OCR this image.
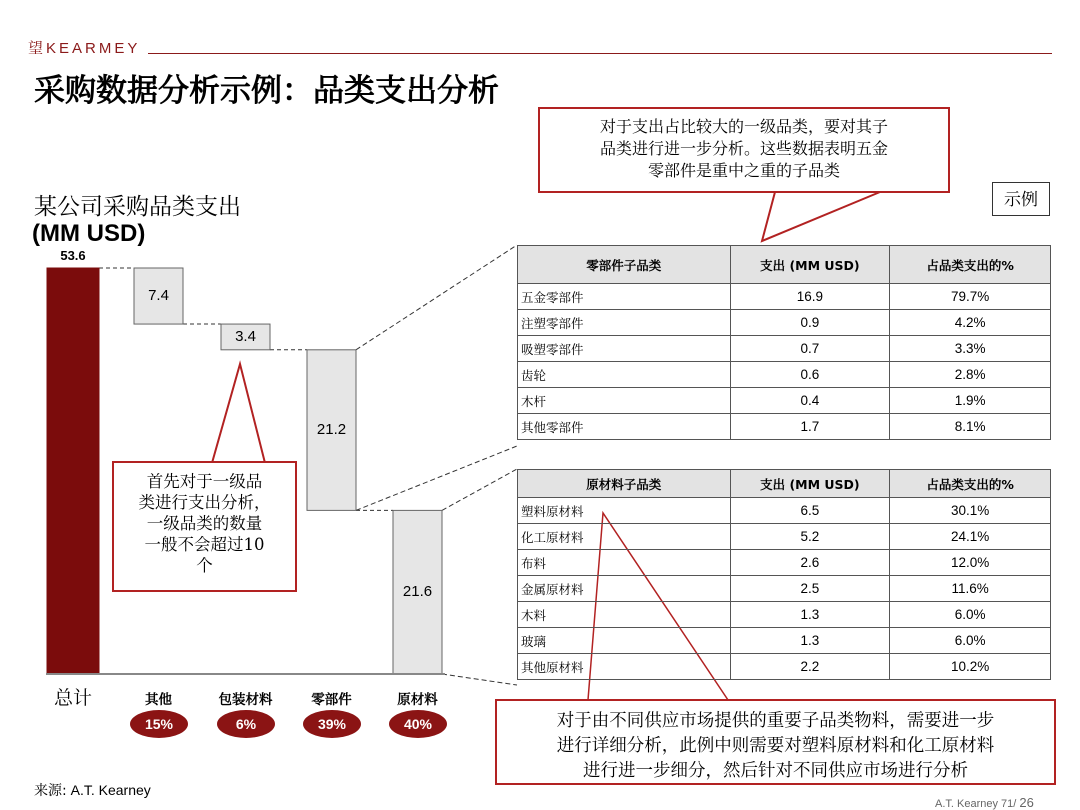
望KEARMEY
采购数据分析示例：品类支出分析
某公司采购品类支出
(MM USD)
示例
53.6
7.4
3.4
21.2
21.6
对于支出占比较大的一级品类，要对其子
品类进行进一步分析。这些数据表明五金
零部件是重中之重的子品类
首先对于一级品
类进行支出分析，
一级品类的数量
一般不会超过10
个
对于由不同供应市场提供的重要子品类物料，需要进一步
进行详细分析，此例中则需要对塑料原材料和化工原材料
进行进一步细分，然后针对不同供应市场进行分析
零部件子品类	支出 (MM USD)	占品类支出的%
五金零部件	16.9	79.7%
注塑零部件	0.9	4.2%
吸塑零部件	0.7	3.3%
齿轮	0.6	2.8%
木杆	0.4	1.9%
其他零部件	1.7	8.1%
原材料子品类	支出 (MM USD)	占品类支出的%
塑料原材料	6.5	30.1%
化工原材料	5.2	24.1%
布料	2.6	12.0%
金属原材料	2.5	11.6%
木料	1.3	6.0%
玻璃	1.3	6.0%
其他原材料	2.2	10.2%
总计	其他
15%
包装材料
6%
零部件
39%
原材料
40%
来源: A.T. Kearney
A.T. Kearney 71/ 26
